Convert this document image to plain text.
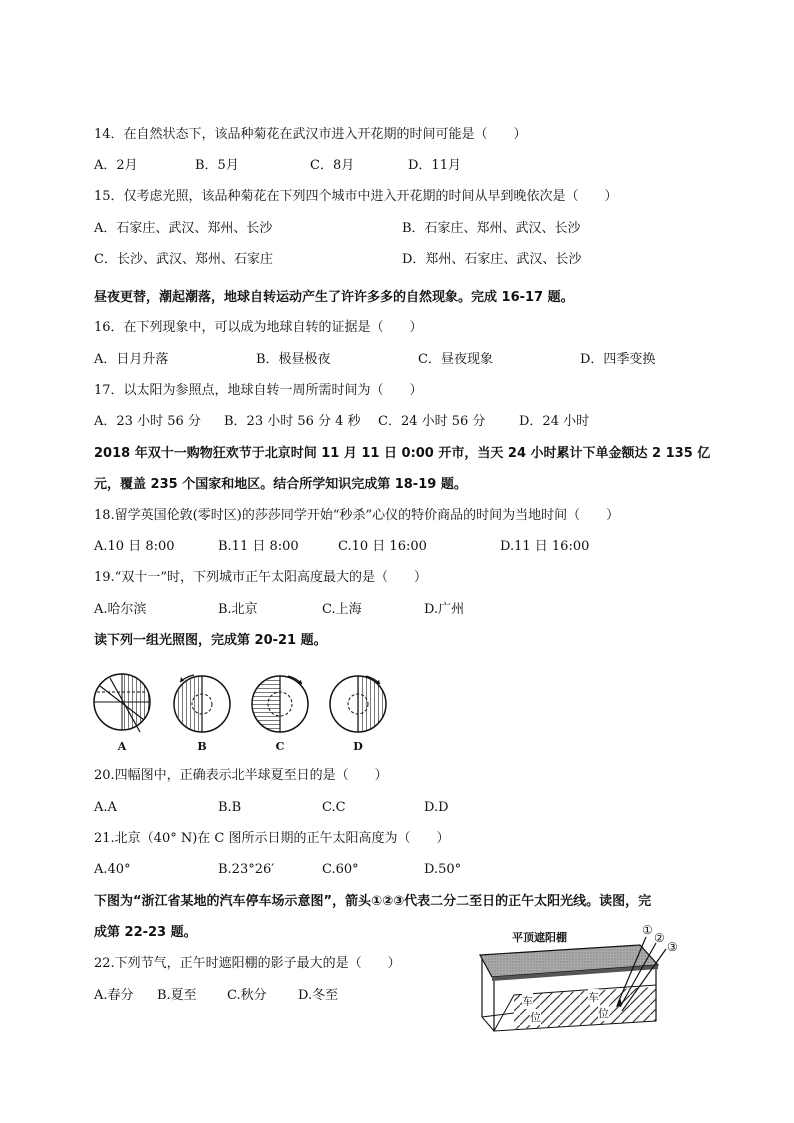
14．在自然状态下，该品种菊花在武汉市进入开花期的时间可能是（　　）
A．2月	B．5月	C．8月	D．11月
15．仅考虑光照，该品种菊花在下列四个城市中进入开花期的时间从早到晚依次是（　　）
A．石家庄、武汉、郑州、长沙	B．石家庄、郑州、武汉、长沙
C．长沙、武汉、郑州、石家庄	D．郑州、石家庄、武汉、长沙
昼夜更替，潮起潮落，地球自转运动产生了许许多多的自然现象。完成 16-17 题。
16．在下列现象中，可以成为地球自转的证据是（　　）
A．日月升落	B．极昼极夜	C．昼夜现象	D．四季变换
17．以太阳为参照点，地球自转一周所需时间为（　　）
A．23 小时 56 分 B．23 小时 56 分 4 秒 C．24 小时 56 分	D．24 小时
2018 年双十一购物狂欢节于北京时间 11 月 11 日 0:00 开市，当天 24 小时累计下单金额达 2 135 亿
元，覆盖 235 个国家和地区。结合所学知识完成第 18-19 题。
18.留学英国伦敦(零时区)的莎莎同学开始“秒杀”心仪的特价商品的时间为当地时间（　　）
A.10 日 8:00	B.11 日 8:00	C.10 日 16:00	D.11 日 16:00
19.“双十一”时，下列城市正午太阳高度最大的是（　　）
A.哈尔滨	B.北京	C.上海	D.广州
读下列一组光照图，完成第 20-21 题。
A	B	C	D
20.四幅图中，正确表示北半球夏至日的是（　　）
A.A	B.B	C.C	D.D
21.北京（40° N)在 C 图所示日期的正午太阳高度为（　　）
A.40°	B.23°26′	C.60°	D.50°
下图为“浙江省某地的汽车停车场示意图”，箭头①②③代表二分二至日的正午太阳光线。读图，完
成第 22-23 题。
22.下列节气，正午时遮阳棚的影子最大的是（　　）
A.春分 B.夏至 C.秋分 D.冬至
平顶遮阳棚
①
②
③
车
位
车
位
